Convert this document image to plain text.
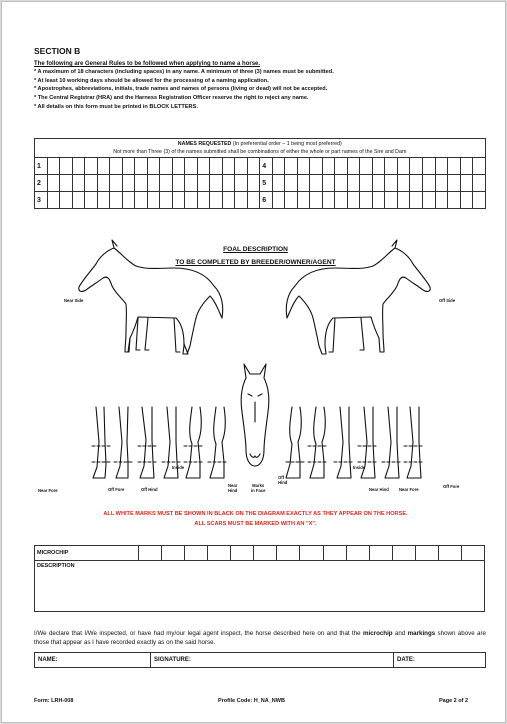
SECTION B
The following are General Rules to be followed when applying to name a horse.
* A maximum of 18 characters (including spaces) in any name. A minimum of three (3) names must be submitted.
* At least 10 working days should be allowed for the processing of a naming application.
* Apostrophes, abbreviations, initials, trade names and names of persons (living or dead) will not be accepted.
* The Central Registrar (HRA) and the Harness Registration Officer reserve the right to reject any name.
* All details on this form must be printed in BLOCK LETTERS.
NAMES REQUESTED (In preferential order – 1 being most preferred)
Not more than Three (3) of the names submitted shall be combinations of either the whole or part names of the Sire and Dam																																			
1																		4																	
2																		5																	
3																		6																	
FOAL DESCRIPTION
TO BE COMPLETED BY BREEDER/OWNER/AGENT
Near Side	Off Side
Near Fore	Off Fore	Off Hind
Inside
Near
Hind
Marks
in Face
Off
Hind
Inside
Near Hind Near Fore
Off Fore
ALL WHITE MARKS MUST BE SHOWN IN BLACK ON THE DIAGRAM EXACTLY AS THEY APPEAR ON THE HORSE.
ALL SCARS MUST BE MARKED WITH AN "X".
MICROCHIP															
DESCRIPTION
I/We declare that I/We inspected, or have had my/our legal agent inspect, the horse described here on and that the microchip and markings shown above are those that appear as I have recorded exactly as on the said horse.
NAME:	SIGNATURE:	DATE:
Form: LRH-008	Profile Code: H_NA_NWB	Page 2 of 2
